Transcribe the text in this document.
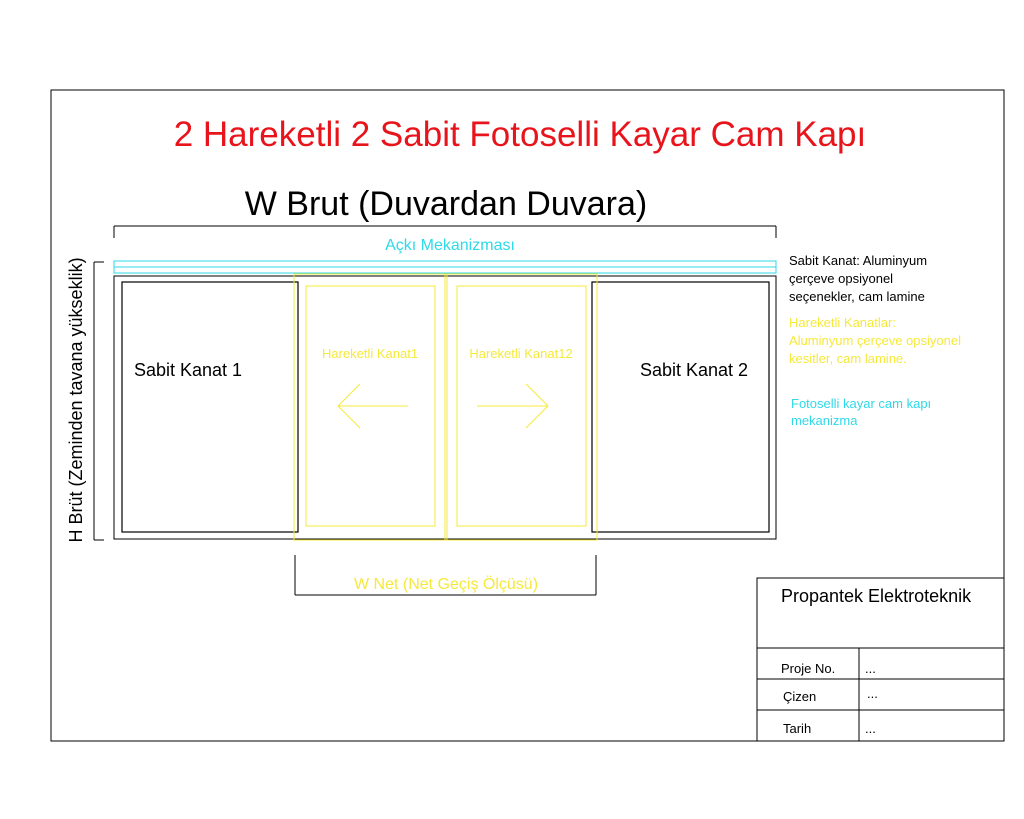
2 Hareketli 2 Sabit Fotoselli Kayar Cam Kapı
W Brut (Duvardan Duvara)
H Brüt (Zeminden tavana yükseklik)
Açkı Mekanizması
Sabit Kanat 1	Sabit Kanat 2
Hareketli Kanat1	Hareketli Kanat12
W Net (Net Geçiş Ölçüsü)
Sabit Kanat: Aluminyum
çerçeve opsiyonel
seçenekler, cam lamine
Hareketli Kanatlar:
Aluminyum çerçeve opsiyonel
kesitler, cam lamine.
Fotoselli kayar cam kapı
mekanizma
Propantek Elektroteknik
Proje No. ...
Çizen	...
Tarih	...
